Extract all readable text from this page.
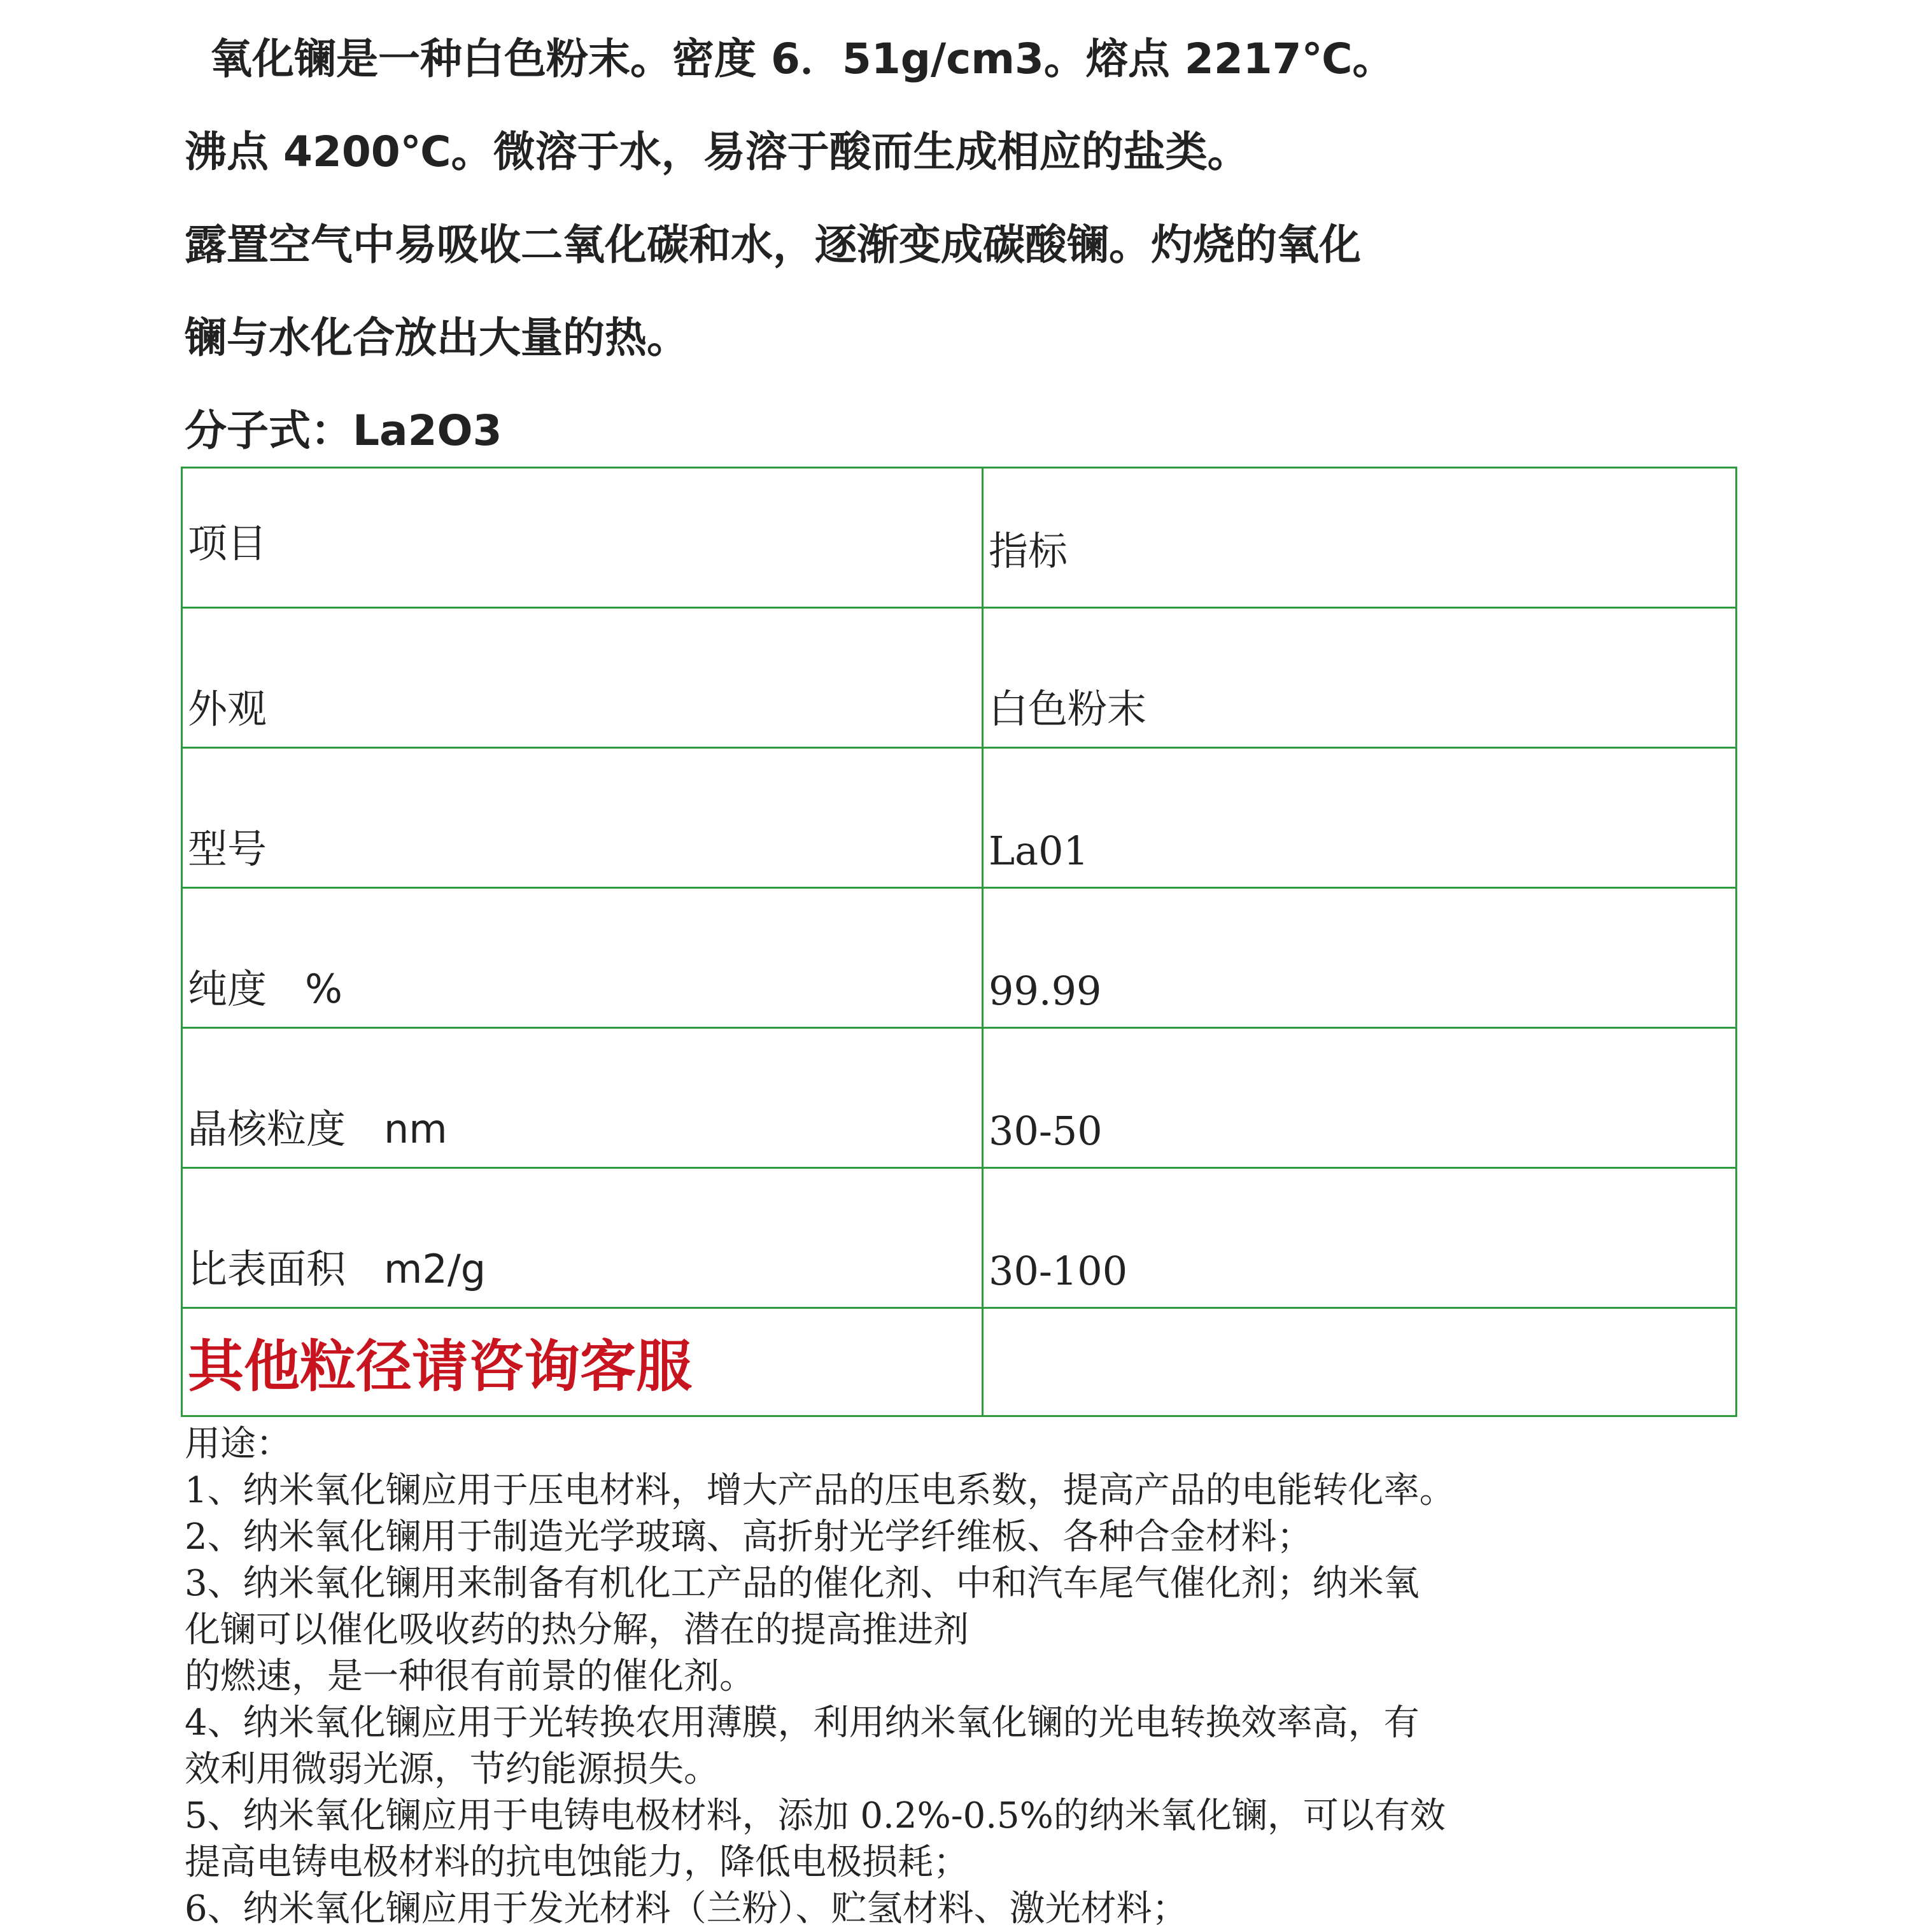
氧化镧是一种白色粉末。密度 6．51g/cm3。熔点 2217℃。
沸点 4200℃。微溶于水，易溶于酸而生成相应的盐类。
露置空气中易吸收二氧化碳和水，逐渐变成碳酸镧。灼烧的氧化
镧与水化合放出大量的热。
分子式：La2O3
项目	指标
外观	白色粉末
型号	La01
纯度 %	99.99
晶核粒度 nm	30-50
比表面积 m2/g	30-100
其他粒径请咨询客服	
用途：
1、纳米氧化镧应用于压电材料，增大产品的压电系数，提高产品的电能转化率。
2、纳米氧化镧用于制造光学玻璃、高折射光学纤维板、各种合金材料；
3、纳米氧化镧用来制备有机化工产品的催化剂、中和汽车尾气催化剂；纳米氧
化镧可以催化吸收药的热分解，潜在的提高推进剂
的燃速，是一种很有前景的催化剂。
4、纳米氧化镧应用于光转换农用薄膜，利用纳米氧化镧的光电转换效率高，有
效利用微弱光源，节约能源损失。
5、纳米氧化镧应用于电铸电极材料，添加 0.2%-0.5%的纳米氧化镧，可以有效
提高电铸电极材料的抗电蚀能力，降低电极损耗；
6、纳米氧化镧应用于发光材料（兰粉）、贮氢材料、激光材料；
